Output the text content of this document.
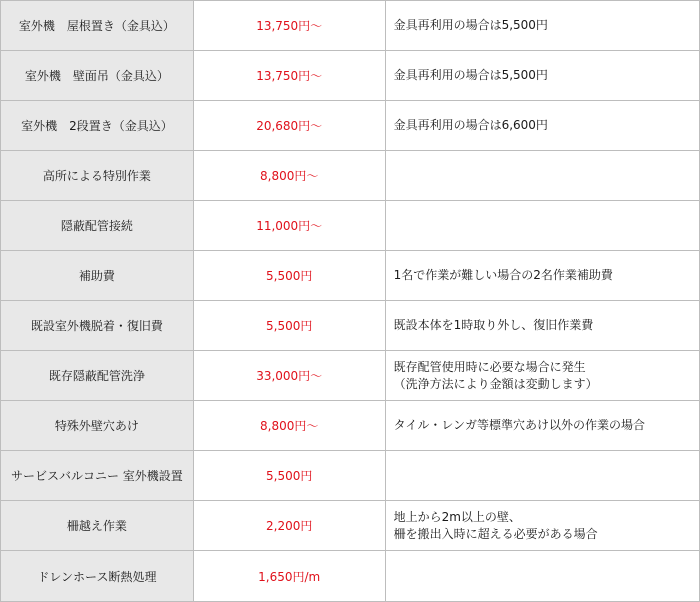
室外機　屋根置き（金具込）	13,750円～	金具再利用の場合は5,500円

室外機　壁面吊（金具込）	13,750円～	金具再利用の場合は5,500円

室外機　2段置き（金具込）	20,680円～	金具再利用の場合は6,600円

高所による特別作業	8,800円～	
隠蔽配管接続	11,000円～	
補助費	5,500円	1名で作業が難しい場合の2名作業補助費

既設室外機脱着・復旧費	5,500円	既設本体を1時取り外し、復旧作業費

既存隠蔽配管洗浄	33,000円～	既存配管使用時に必要な場合に発生
（洗浄方法により金額は変動します）

特殊外壁穴あけ	8,800円～	タイル・レンガ等標準穴あけ以外の作業の場合

サービスバルコニー 室外機設置	5,500円	
柵越え作業	2,200円	地上から2m以上の壁、
柵を搬出入時に超える必要がある場合

ドレンホース断熱処理	1,650円/m	
